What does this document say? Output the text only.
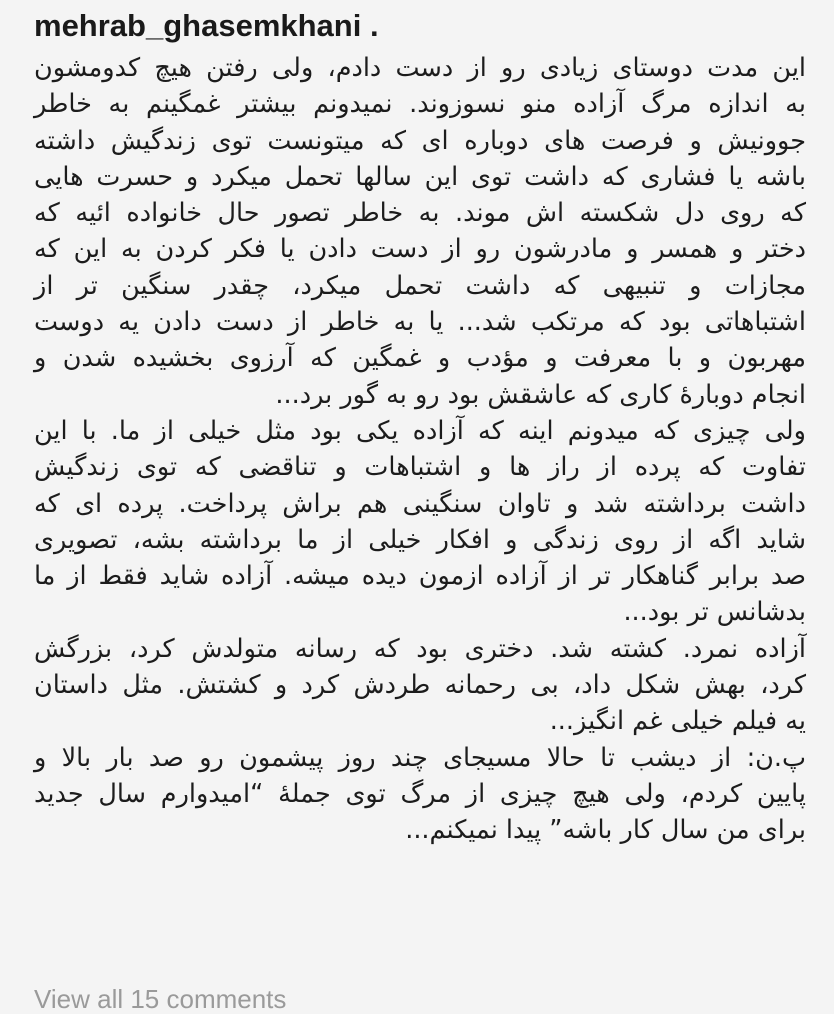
mehrab_ghasemkhani .
این مدت دوستای زیادی رو از دست دادم، ولی رفتن هیچ کدومشون
به اندازه مرگ آزاده منو نسوزوند. نمیدونم بیشتر غمگینم به خاطر
جوونیش و فرصت های دوباره ای که میتونست توی زندگیش داشته
باشه یا فشاری که داشت توی این سالها تحمل میکرد و حسرت هایی
که روی دل شکسته اش موند. به خاطر تصور حال خانواده ائیه که
دختر و همسر و مادرشون رو از دست دادن یا فکر کردن به این که
مجازات و تنبیهی که داشت تحمل میکرد، چقدر سنگین تر از
اشتباهاتی بود که مرتکب شد... یا به خاطر از دست دادن یه دوست
مهربون و با معرفت و مؤدب و غمگین که آرزوی بخشیده شدن و
انجام دوبارهٔ کاری که عاشقش بود رو به گور برد...
ولی چیزی که میدونم اینه که آزاده یکی بود مثل خیلی از ما. با این
تفاوت که پرده از راز ها و اشتباهات و تناقضی که توی زندگیش
داشت برداشته شد و تاوان سنگینی هم براش پرداخت. پرده ای که
شاید اگه از روی زندگی و افکار خیلی از ما برداشته بشه، تصویری
صد برابر گناهکار تر از آزاده ازمون دیده میشه. آزاده شاید فقط از ما
بدشانس تر بود...
آزاده نمرد. کشته شد. دختری بود که رسانه متولدش کرد، بزرگش
کرد، بهش شکل داد، بی رحمانه طردش کرد و کشتش. مثل داستان
یه فیلم خیلی غم انگیز...
پ.ن: از دیشب تا حالا مسیجای چند روز پیشمون رو صد بار بالا و
پایین کردم، ولی هیچ چیزی از مرگ توی جملهٔ “امیدوارم سال جدید
برای من سال کار باشه” پیدا نمیکنم...
View all 15 comments
